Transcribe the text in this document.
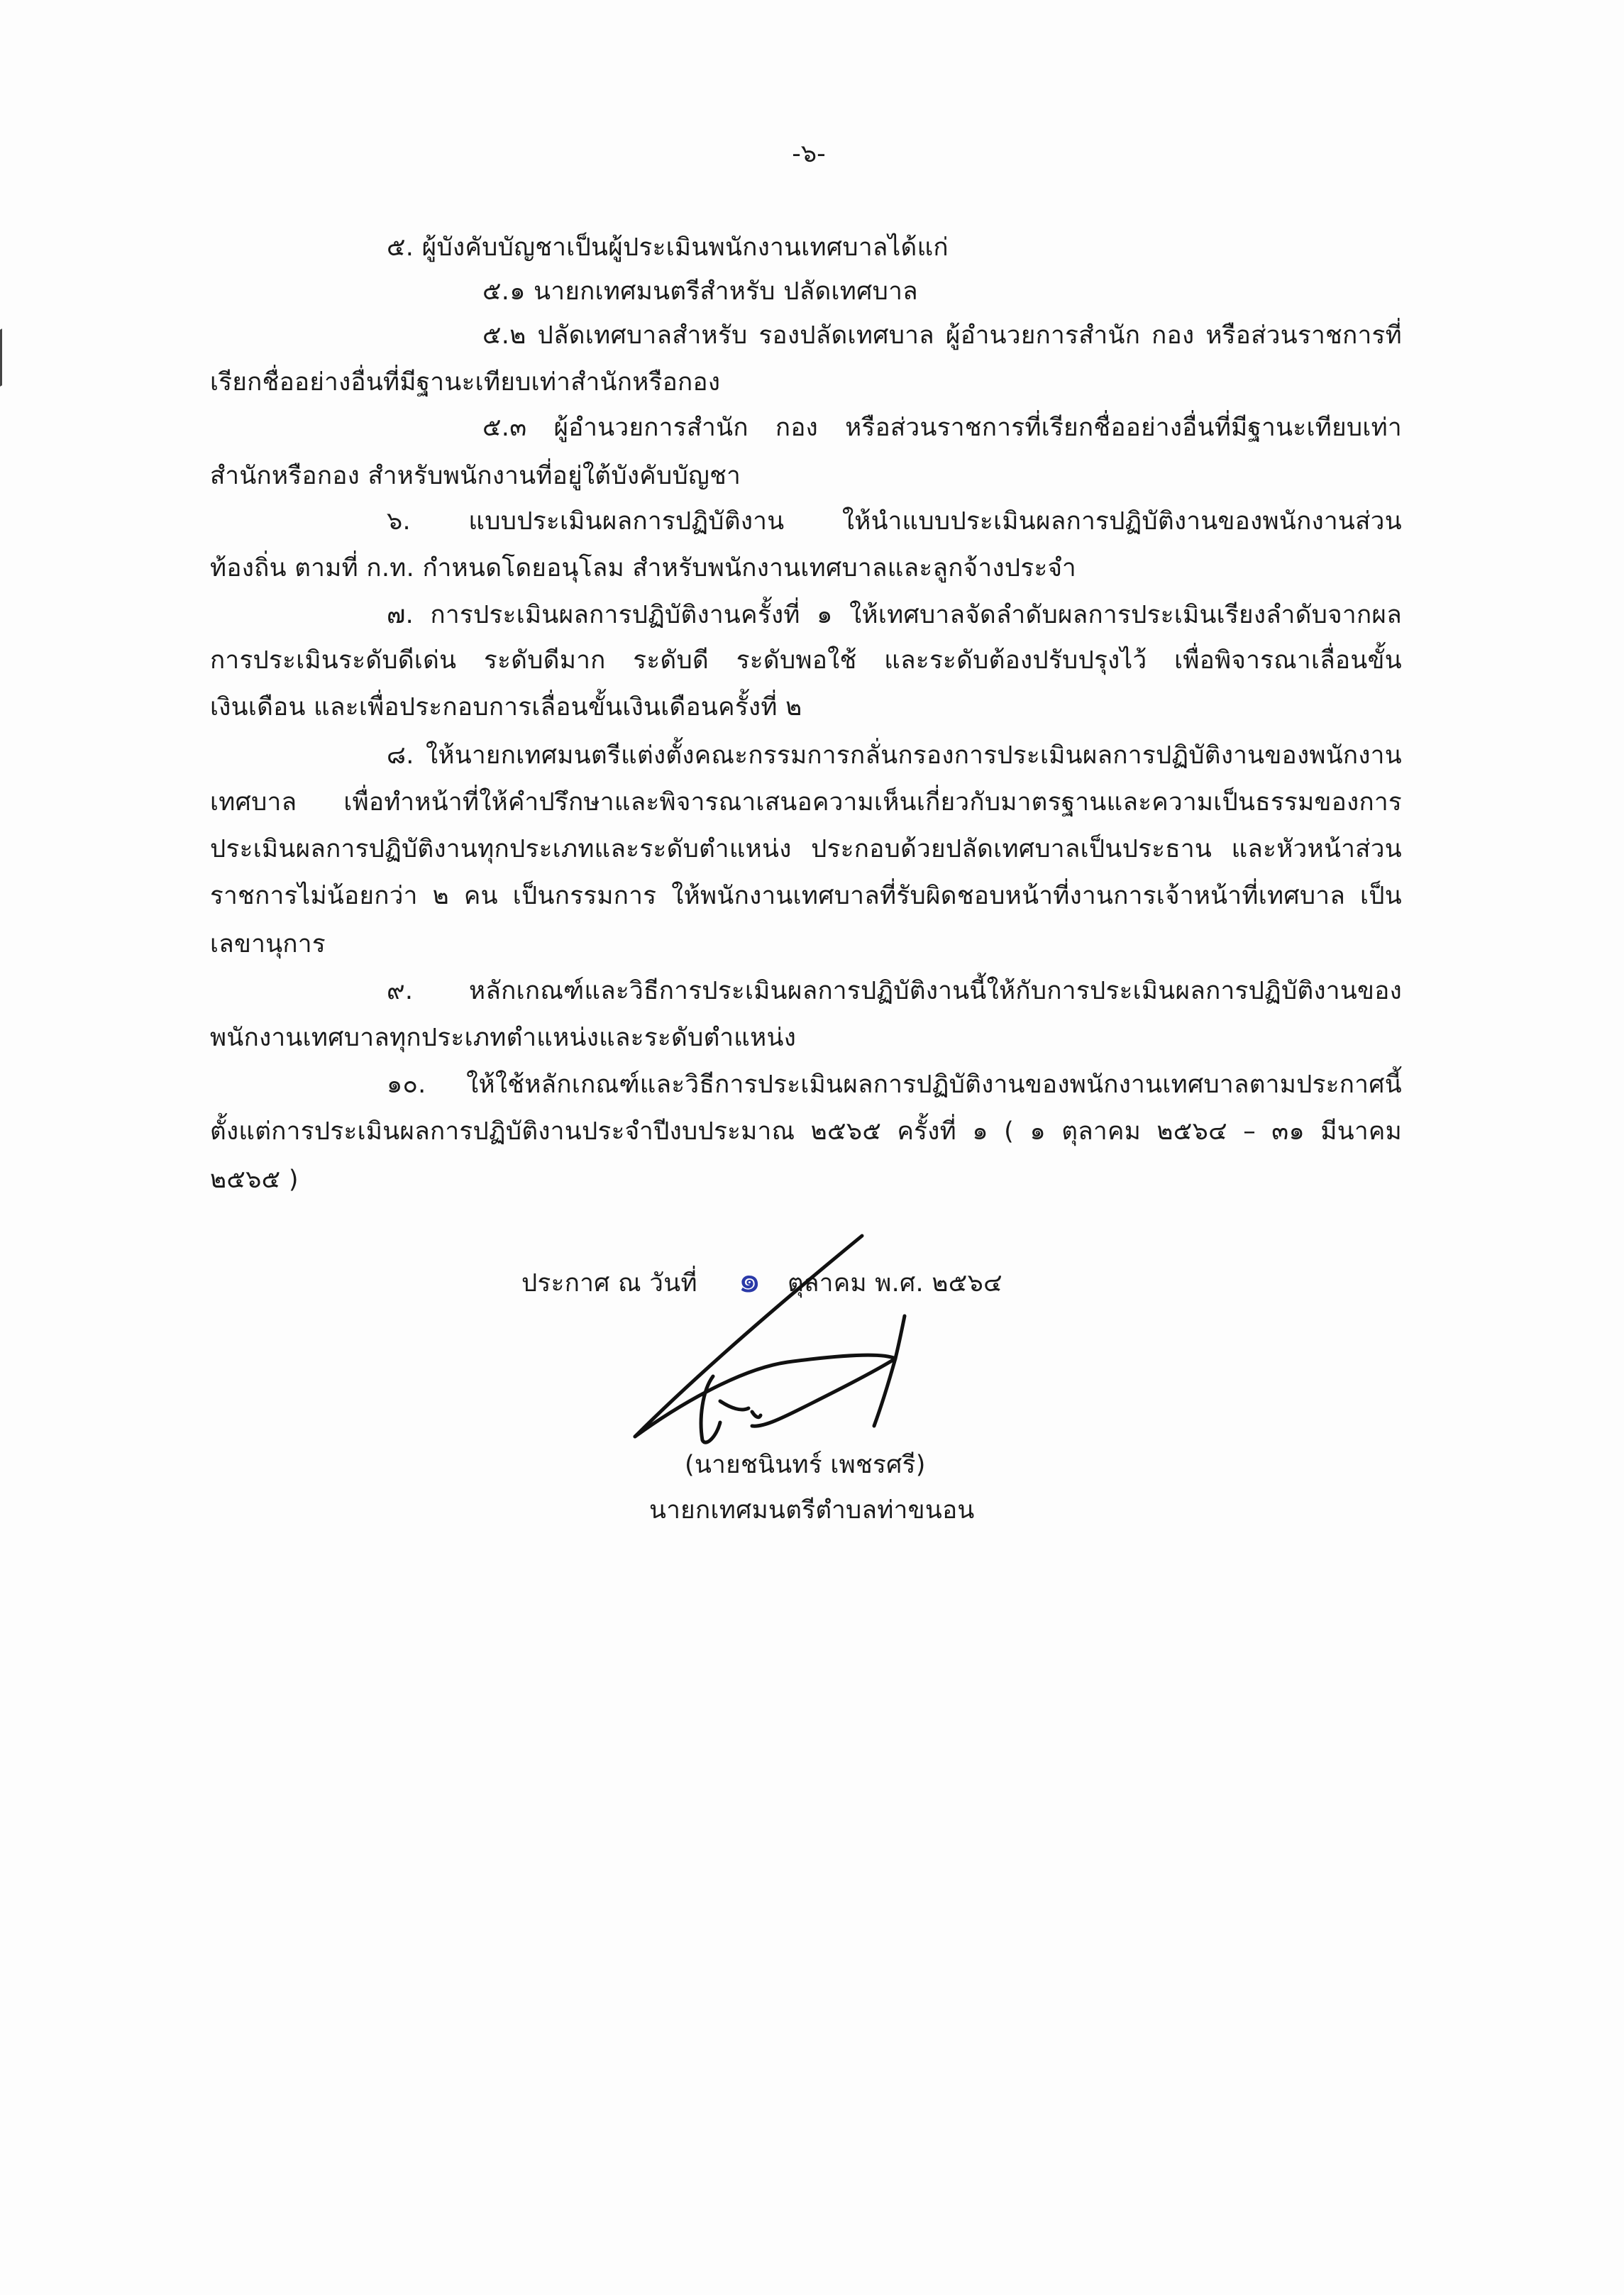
-๖-
๕. ผู้บังคับบัญชาเป็นผู้ประเมินพนักงานเทศบาลได้แก่
๕.๑ นายกเทศมนตรีสำหรับ ปลัดเทศบาล
๕.๒ ปลัดเทศบาลสำหรับ รองปลัดเทศบาล ผู้อำนวยการสำนัก กอง หรือส่วนราชการที่
เรียกชื่ออย่างอื่นที่มีฐานะเทียบเท่าสำนักหรือกอง
๕.๓ ผู้อำนวยการสำนัก กอง หรือส่วนราชการที่เรียกชื่ออย่างอื่นที่มีฐานะเทียบเท่า
สำนักหรือกอง สำหรับพนักงานที่อยู่ใต้บังคับบัญชา
๖. แบบประเมินผลการปฏิบัติงาน ให้นำแบบประเมินผลการปฏิบัติงานของพนักงานส่วน
ท้องถิ่น ตามที่ ก.ท. กำหนดโดยอนุโลม สำหรับพนักงานเทศบาลและลูกจ้างประจำ
๗. การประเมินผลการปฏิบัติงานครั้งที่ ๑ ให้เทศบาลจัดลำดับผลการประเมินเรียงลำดับจากผล
การประเมินระดับดีเด่น ระดับดีมาก ระดับดี ระดับพอใช้ และระดับต้องปรับปรุงไว้ เพื่อพิจารณาเลื่อนขั้น
เงินเดือน และเพื่อประกอบการเลื่อนขั้นเงินเดือนครั้งที่ ๒
๘. ให้นายกเทศมนตรีแต่งตั้งคณะกรรมการกลั่นกรองการประเมินผลการปฏิบัติงานของพนักงาน
เทศบาล เพื่อทำหน้าที่ให้คำปรึกษาและพิจารณาเสนอความเห็นเกี่ยวกับมาตรฐานและความเป็นธรรมของการ
ประเมินผลการปฏิบัติงานทุกประเภทและระดับตำแหน่ง ประกอบด้วยปลัดเทศบาลเป็นประธาน และหัวหน้าส่วน
ราชการไม่น้อยกว่า ๒ คน เป็นกรรมการ ให้พนักงานเทศบาลที่รับผิดชอบหน้าที่งานการเจ้าหน้าที่เทศบาล เป็น
เลขานุการ
๙. หลักเกณฑ์และวิธีการประเมินผลการปฏิบัติงานนี้ให้กับการประเมินผลการปฏิบัติงานของ
พนักงานเทศบาลทุกประเภทตำแหน่งและระดับตำแหน่ง
๑๐. ให้ใช้หลักเกณฑ์และวิธีการประเมินผลการปฏิบัติงานของพนักงานเทศบาลตามประกาศนี้
ตั้งแต่การประเมินผลการปฏิบัติงานประจำปีงบประมาณ ๒๕๖๕ ครั้งที่ ๑ ( ๑ ตุลาคม ๒๕๖๔ – ๓๑ มีนาคม
๒๕๖๕ )
ประกาศ ณ วันที่ ๑ ตุลาคม พ.ศ. ๒๕๖๔
(นายชนินทร์ เพชรศรี)
นายกเทศมนตรีตำบลท่าขนอน
